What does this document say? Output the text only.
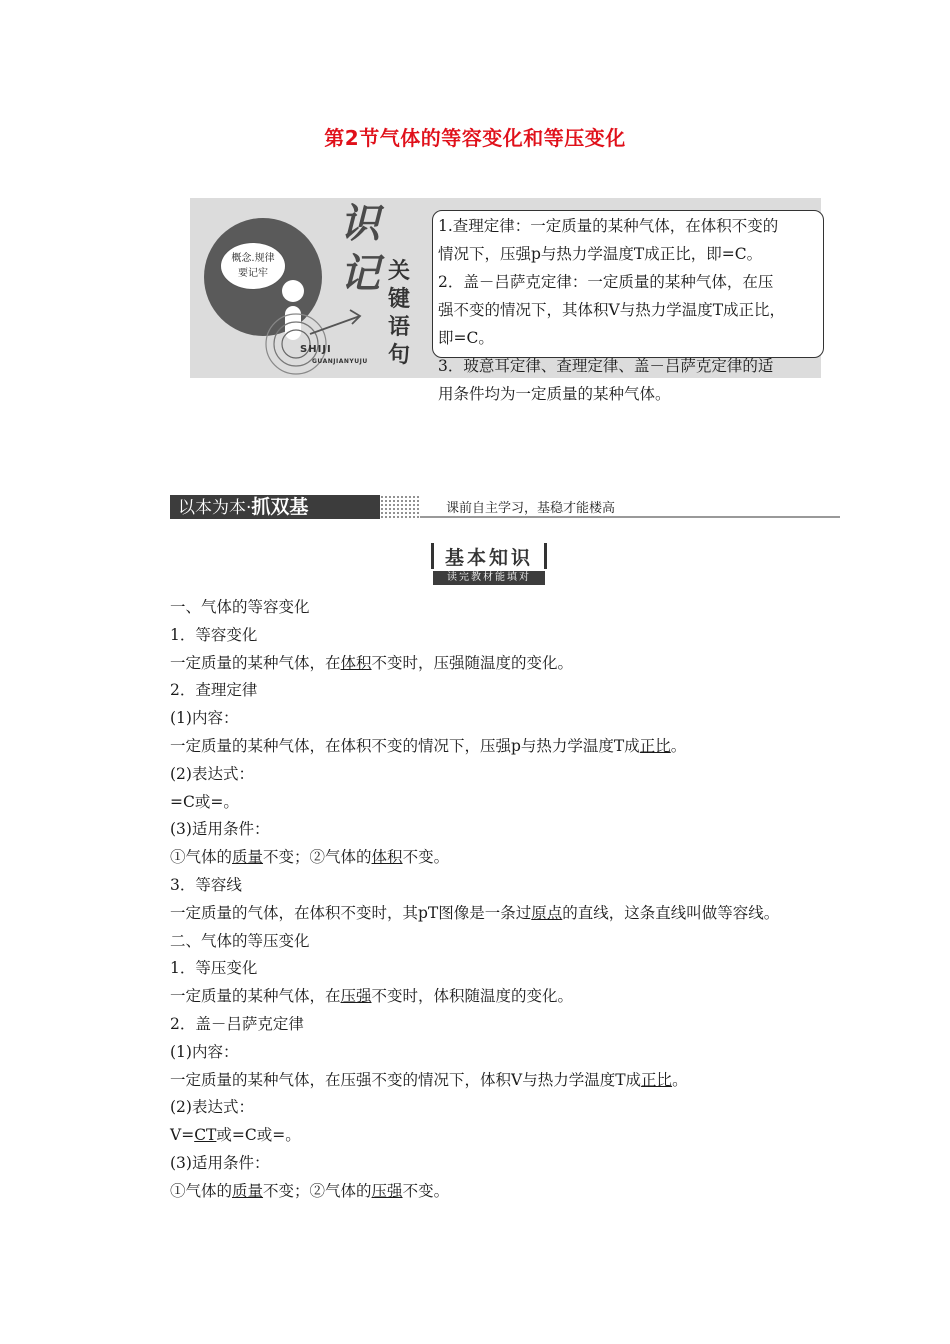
第2节气体的等容变化和等压变化
概念.规律
要记牢
SHIJI
GUANJIANYUJU
识
记 关
键
语
句

1.查理定律：一定质量的某种气体，在体积不变的

情况下，压强p与热力学温度T成正比，即=C。

2．盖－吕萨克定律：一定质量的某种气体，在压

强不变的情况下，其体积V与热力学温度T成正比，

即=C。

3．玻意耳定律、查理定律、盖－吕萨克定律的适

用条件均为一定质量的某种气体。

以本为本·抓双基	课前自主学习，基稳才能楼高
基本知识
读完教材能填对

一、气体的等容变化

1．等容变化

一定质量的某种气体，在体积不变时，压强随温度的变化。

2．查理定律

(1)内容：

一定质量的某种气体，在体积不变的情况下，压强p与热力学温度T成正比。

(2)表达式：

=C或=。

(3)适用条件：

①气体的质量不变；②气体的体积不变。

3．等容线

一定质量的气体，在体积不变时，其pT图像是一条过原点的直线，这条直线叫做等容线。

二、气体的等压变化

1．等压变化

一定质量的某种气体，在压强不变时，体积随温度的变化。

2．盖－吕萨克定律

(1)内容：

一定质量的某种气体，在压强不变的情况下，体积V与热力学温度T成正比。

(2)表达式：

V=CT或=C或=。

(3)适用条件：

①气体的质量不变；②气体的压强不变。
